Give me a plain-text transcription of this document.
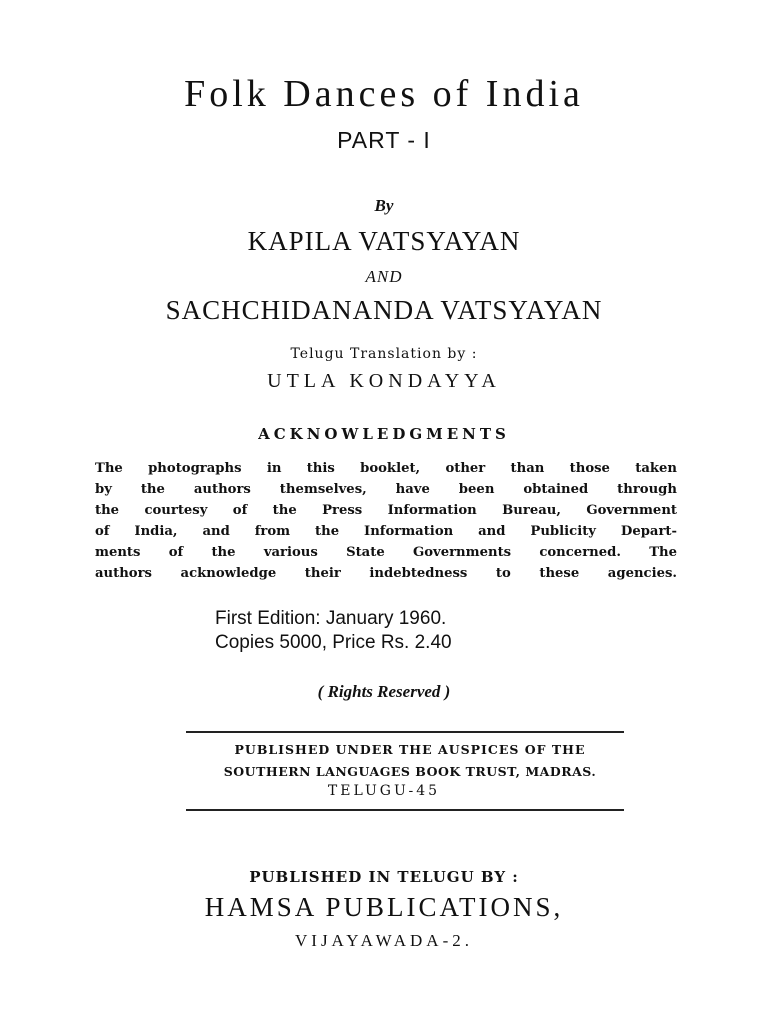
Folk Dances of India
PART - I
By
KAPILA VATSYAYAN
AND
SACHCHIDANANDA VATSYAYAN
Telugu Translation by :
UTLA KONDAYYA
ACKNOWLEDGMENTS
The photographs in this booklet, other than those taken
by the authors themselves, have been obtained through
the courtesy of the Press Information Bureau, Government
of India, and from the Information and Publicity Depart-
ments of the various State Governments concerned. The
authors acknowledge their indebtedness to these agencies.
First Edition: January 1960.
Copies 5000, Price Rs. 2.40
( Rights Reserved )
PUBLISHED UNDER THE AUSPICES OF THE
SOUTHERN LANGUAGES BOOK TRUST, MADRAS.
TELUGU-45
PUBLISHED IN TELUGU BY :
HAMSA PUBLICATIONS,
VIJAYAWADA-2.
